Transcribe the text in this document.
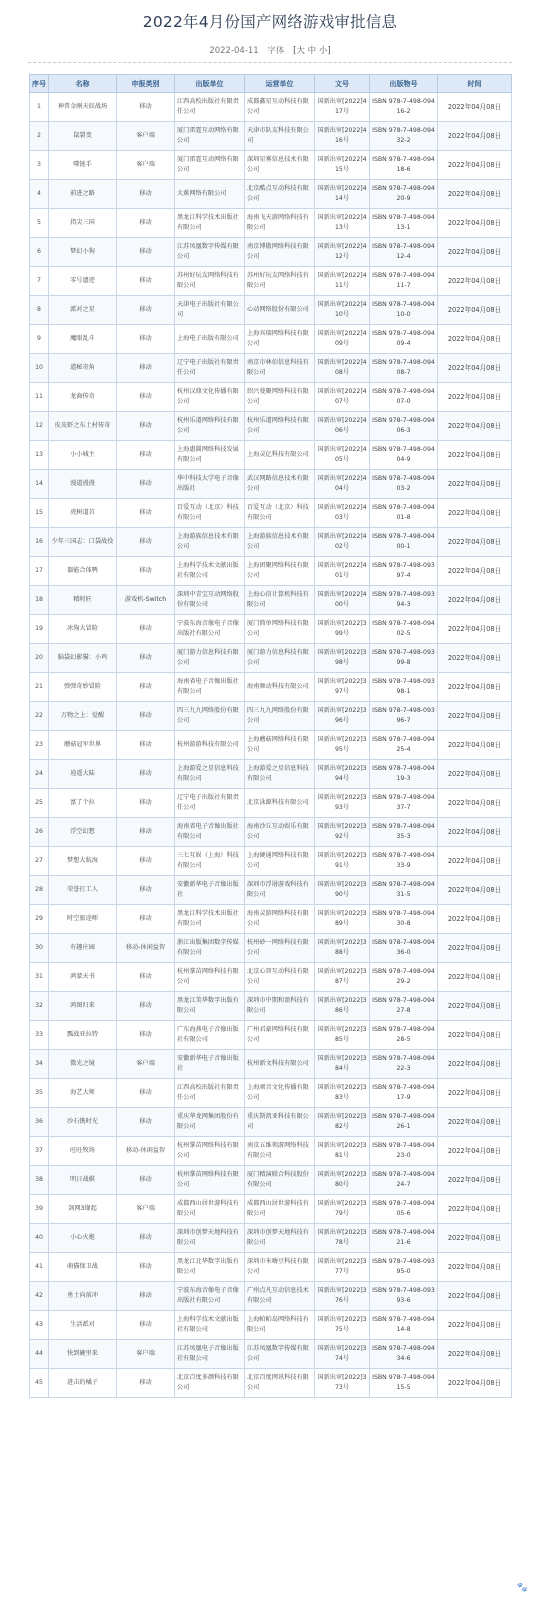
2022年4月份国产网络游戏审批信息
2022-04-11 字体 [大 中 小]
序号	名称	申报类别	出版单位	运营单位	文号	出版物号	时间
1	神兽金刚天辰战场	移动	江西高校出版社有限责任公司	成都鑫星互动科技有限公司	国新出审[2022]417号	ISBN 978-7-498-09416-2	2022年04月08日
2	鼠裂变	客户端	厦门雷霆互动网络有限公司	天津市队友科技有限公司	国新出审[2022]416号	ISBN 978-7-498-09432-2	2022年04月08日
3	噬链手	客户端	厦门雷霆互动网络有限公司	深圳星雾信息技术有限公司	国新出审[2022]415号	ISBN 978-7-498-09418-6	2022年04月08日
4	前进之路	移动	大蕉网络有限公司	北京酷点互动科技有限公司	国新出审[2022]414号	ISBN 978-7-498-09420-9	2022年04月08日
5	指尖三国	移动	黑龙江科学技术出版社有限公司	海南飞天游网络科技有限公司	国新出审[2022]413号	ISBN 978-7-498-09413-1	2022年04月08日
6	梦幻小狗	移动	江苏凤凰数字传媒有限公司	南京博傲网络科技有限公司	国新出审[2022]412号	ISBN 978-7-498-09412-4	2022年04月08日
7	零号遗迹	移动	苏州好玩友网络科技有限公司	苏州好玩友网络科技有限公司	国新出审[2022]411号	ISBN 978-7-498-09411-7	2022年04月08日
8	派对之星	移动	天津电子出版社有限公司	心动网络股份有限公司	国新出审[2022]410号	ISBN 978-7-498-09410-0	2022年04月08日
9	魔眼乱斗	移动	上海电子出版有限公司	上海宾瑞网络科技有限公司	国新出审[2022]409号	ISBN 978-7-498-09409-4	2022年04月08日
10	道秘奇角	移动	辽宁电子出版社有限责任公司	南京市林佰信息科技有限公司	国新出审[2022]408号	ISBN 978-7-498-09408-7	2022年04月08日
11	龙裔传奇	移动	杭州汉鼎文化传播有限公司	绍兴曼聚网络科技有限公司	国新出审[2022]407号	ISBN 978-7-498-09407-0	2022年04月08日
12	皮皮虾之东土村传奇	移动	杭州乐道网络科技有限公司	杭州乐道网络科技有限公司	国新出审[2022]406号	ISBN 978-7-498-09406-3	2022年04月08日
13	小小城主	移动	上海惠圆网络科技发展有限公司	上海灵亿科技有限公司	国新出审[2022]405号	ISBN 978-7-498-09404-9	2022年04月08日
14	漫道漫漫	移动	华中科技大学电子音像出版社	武汉网路信息技术有限公司	国新出审[2022]404号	ISBN 978-7-498-09403-2	2022年04月08日
15	虎树道首	移动	百爱互动（北京）科技有限公司	百爱互动（北京）科技有限公司	国新出审[2022]403号	ISBN 978-7-498-09401-8	2022年04月08日
16	少年三国志：口袋战役	移动	上海游族信息技术有限公司	上海游族信息技术有限公司	国新出审[2022]402号	ISBN 978-7-498-09400-1	2022年04月08日
17	器能合体鸭	移动	上海科学技术文献出版社有限公司	上海团聚网络科技有限公司	国新出审[2022]401号	ISBN 978-7-498-09397-4	2022年04月08日
18	精时匠	游戏机-Switch	深圳中青宝互动网络股份有限公司	上海心信计算机科技有限公司	国新出审[2022]400号	ISBN 978-7-498-09394-3	2022年04月08日
19	冰狗大冒险	移动	宁波东海音像电子音像出版社有限公司	厦门简单网络科技有限公司	国新出审[2022]399号	ISBN 978-7-498-09402-5	2022年04月08日
20	脑袋幻影猫：小鸡	移动	厦门游力信息科技有限公司	厦门游力信息科技有限公司	国新出审[2022]398号	ISBN 978-7-498-09399-8	2022年04月08日
21	弹弹奇妙冒险	移动	海南省电子音像出版社有限公司	海南舞动科技有限公司	国新出审[2022]397号	ISBN 978-7-498-09398-1	2022年04月08日
22	万物之上：觉醒	移动	四三九九网络股份有限公司	四三九九网络股份有限公司	国新出审[2022]396号	ISBN 978-7-498-09396-7	2022年04月08日
23	蘑菇冠军世界	移动	杭州游游科技有限公司	上海蘑菇网络科技有限公司	国新出审[2022]395号	ISBN 978-7-498-09425-4	2022年04月08日
24	逍遥大陆	移动	上海游爱之星信息科技有限公司	上海游爱之星信息科技有限公司	国新出审[2022]394号	ISBN 978-7-498-09419-3	2022年04月08日
25	富了个拉	移动	辽宁电子出版社有限责任公司	北京泳源科技有限公司	国新出审[2022]393号	ISBN 978-7-498-09437-7	2022年04月08日
26	浮空幻想	移动	海南省电子音像出版社有限公司	海南沙丘互动娱乐有限公司	国新出审[2022]392号	ISBN 978-7-498-09435-3	2022年04月08日
27	梦想大航海	移动	三七互娱（上海）科技有限公司	上海硬通网络科技有限公司	国新出审[2022]391号	ISBN 978-7-498-09433-9	2022年04月08日
28	荣誉打工人	移动	安徽新华电子音像出版社	深圳市浮屠游戏科技有限公司	国新出审[2022]390号	ISBN 978-7-498-09431-5	2022年04月08日
29	时空旅途师	移动	黑龙江科学技术出版社有限公司	海南灵游网络科技有限公司	国新出审[2022]389号	ISBN 978-7-498-09430-8	2022年04月08日
30	有趣庄园	移动-休闲益智	浙江出版集团数字传媒有限公司	杭州砂一网络科技有限公司	国新出审[2022]388号	ISBN 978-7-498-09436-0	2022年04月08日
31	鸿蒙天书	移动	杭州掌苗网络科技有限公司	北京心智互动科技有限公司	国新出审[2022]387号	ISBN 978-7-498-09429-2	2022年04月08日
32	鸿图归来	移动	黑龙江美华数字出版有限公司	深圳市中期和盈科技有限公司	国新出审[2022]386号	ISBN 978-7-498-09427-8	2022年04月08日
33	瓢战亚拉特	移动	广东海燕电子音像出版社有限公司	广州君豪网络科技有限公司	国新出审[2022]385号	ISBN 978-7-498-09428-5	2022年04月08日
34	微光之镜	客户端	安徽新华电子音像出版社	杭州新文科技有限公司	国新出审[2022]384号	ISBN 978-7-498-09422-3	2022年04月08日
35	海艺大师	移动	江西高校出版社有限责任公司	上海顽音文化传播有限公司	国新出审[2022]383号	ISBN 978-7-498-09417-9	2022年04月08日
36	沙石镌时光	移动	重庆华龙网集团股份有限公司	重庆斯凯亚科技有限公司	国新出审[2022]382号	ISBN 978-7-498-09426-1	2022年04月08日
37	旺旺牧场	移动-休闲益智	杭州掌苗网络科技有限公司	南京五维领游网络科技有限公司	国新出审[2022]381号	ISBN 978-7-498-09423-0	2022年04月08日
38	明日战棋	移动	杭州掌苗网络科技有限公司	厦门精演联合科技股份有限公司	国新出审[2022]380号	ISBN 978-7-498-09424-7	2022年04月08日
39	剑网3缘起	客户端	成都西山居世游科技有限公司	成都西山居世游科技有限公司	国新出审[2022]379号	ISBN 978-7-498-09405-6	2022年04月08日
40	小心火炮	移动	深圳市创梦天地科技有限公司	深圳市创梦天地科技有限公司	国新出审[2022]378号	ISBN 978-7-498-09421-6	2022年04月08日
41	萌猫保卫战	移动	黑龙江北华数字出版有限公司	深圳市米嗨豆科技有限公司	国新出审[2022]377号	ISBN 978-7-498-09395-0	2022年04月08日
42	勇士向前冲	移动	宁波东海音像电子音像出版社有限公司	广州点凡互动信息技术有限公司	国新出审[2022]376号	ISBN 978-7-498-09393-6	2022年04月08日
43	生活派对	移动	上海科学技术文献出版社有限公司	上海帕帕岛网络科技有限公司	国新出审[2022]375号	ISBN 978-7-498-09414-8	2022年04月08日
44	快到碗里来	客户端	江苏凤凰电子音像出版社有限公司	江苏凤凰数字传媒有限公司	国新出审[2022]374号	ISBN 978-7-498-09434-6	2022年04月08日
45	进击的橘子	移动	北京百度多颜科技有限公司	北京百度网讯科技有限公司	国新出审[2022]373号	ISBN 978-7-498-09415-5	2022年04月08日
🐾
